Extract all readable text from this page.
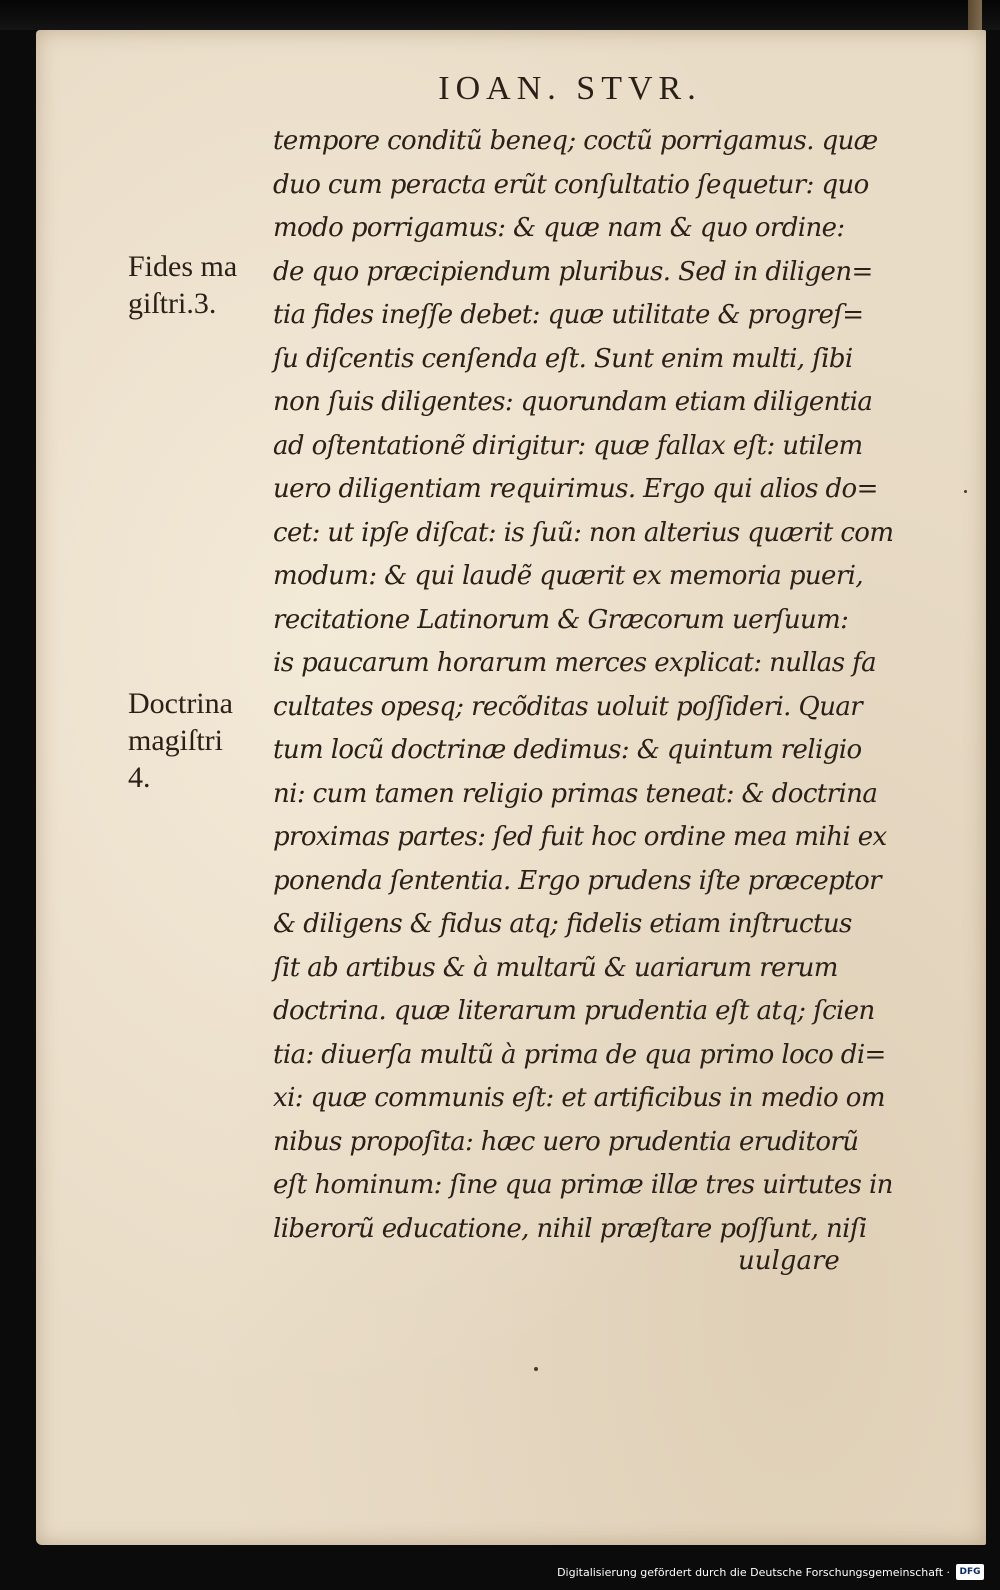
IOAN. STVR.
Fides ma
giſtri.3.
Doctrina
magiſtri
4.
tempore conditũ beneq; coctũ porrigamus. quæ
duo cum peracta erũt conſultatio ſequetur: quo
modo porrigamus: & quæ nam & quo ordine:
de quo præcipiendum pluribus. Sed in diligen=
tia fides ineſſe debet: quæ utilitate & progreſ=
ſu diſcentis cenſenda eſt. Sunt enim multi, ſibi
non ſuis diligentes: quorundam etiam diligentia
ad oſtentationẽ dirigitur: quæ fallax eſt: utilem
uero diligentiam requirimus. Ergo qui alios do=
cet: ut ipſe diſcat: is ſuũ: non alterius quærit com
modum: & qui laudẽ quærit ex memoria pueri,
recitatione Latinorum & Græcorum uerſuum:
is paucarum horarum merces explicat: nullas fa
cultates opesq; recõditas uoluit poſſideri. Quar
tum locũ doctrinæ dedimus: & quintum religio
ni: cum tamen religio primas teneat: & doctrina
proximas partes: ſed fuit hoc ordine mea mihi ex
ponenda ſententia. Ergo prudens iſte præceptor
& diligens & fidus atq; fidelis etiam inſtructus
ſit ab artibus & à multarũ & uariarum rerum
doctrina. quæ literarum prudentia eſt atq; ſcien
tia: diuerſa multũ à prima de qua primo loco di=
xi: quæ communis eſt: et artificibus in medio om
nibus propoſita: hæc uero prudentia eruditorũ
eſt hominum: ſine qua primæ illæ tres uirtutes in
liberorũ educatione, nihil præſtare poſſunt, niſi
uulgare
Digitalisierung gefördert durch die Deutsche Forschungsgemeinschaft ·	DFG
